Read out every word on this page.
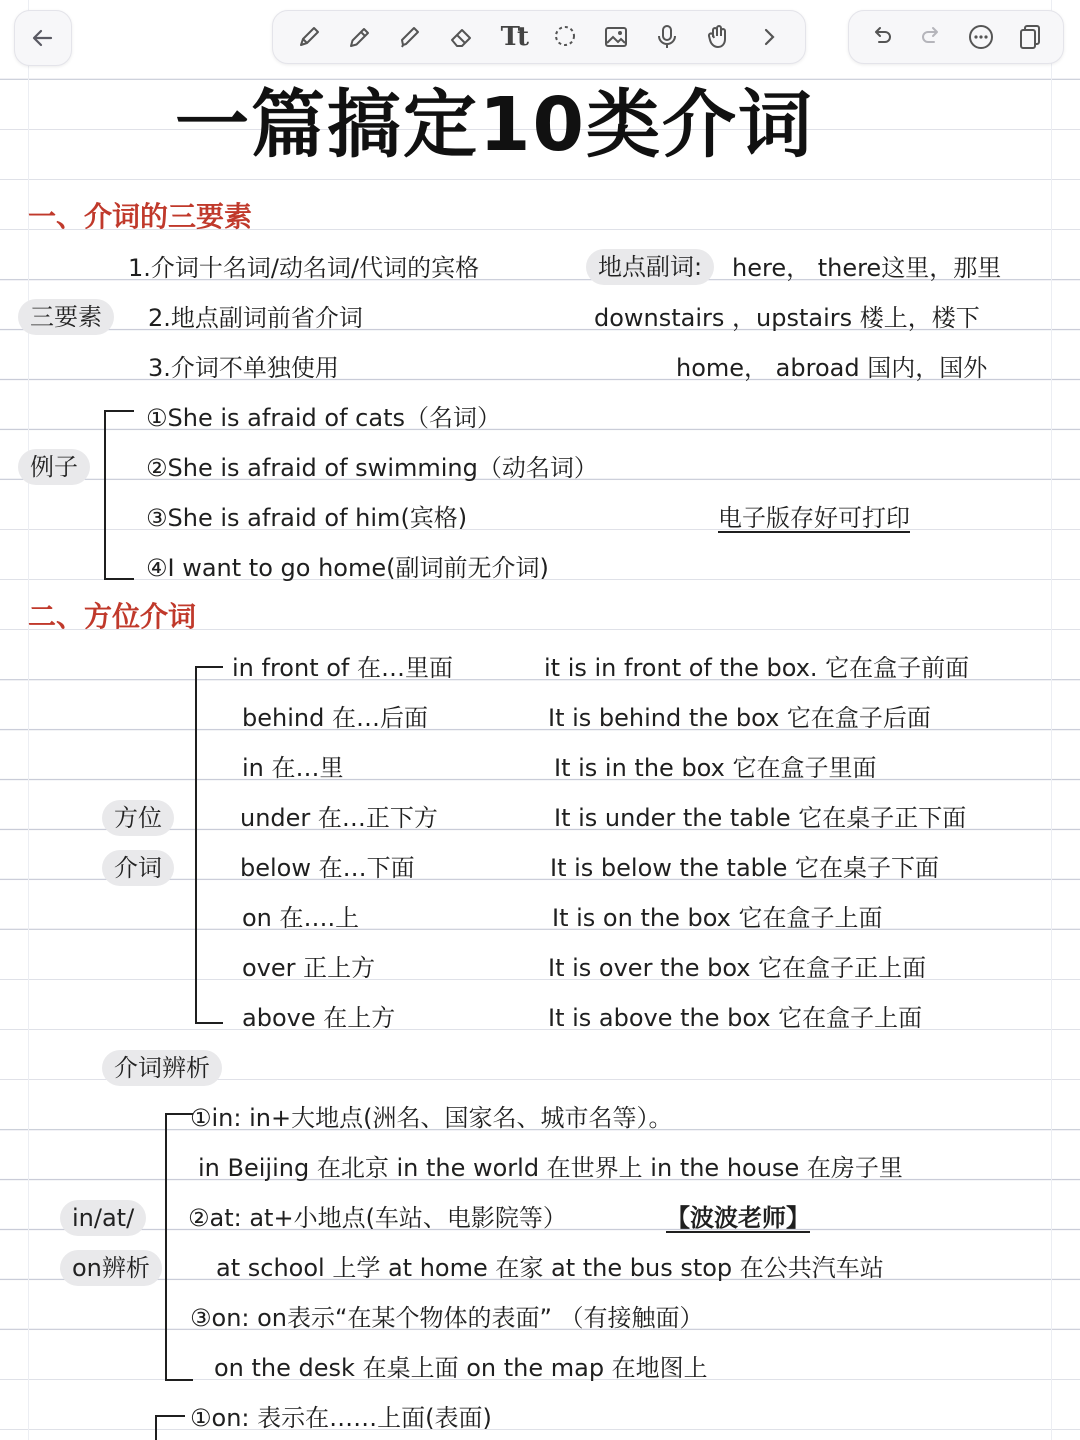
Tt
一篇搞定10类介词
一、介词的三要素
1.介词十名词/动名词/代词的宾格	地点副词:	here， there这里，那里
三要素	2.地点副词前省介词	downstairs ，upstairs 楼上，楼下
3.介词不单独使用	home， abroad 国内，国外
例子
①She is afraid of cats（名词）
②She is afraid of swimming（动名词）
③She is afraid of him(宾格)	电子版存好可打印
④I want to go home(副词前无介词)
二、方位介词
方位
介词
in front of 在…里面	it is in front of the box. 它在盒子前面
behind 在…后面	It is behind the box 它在盒子后面
in 在…里	It is in the box 它在盒子里面
under 在…正下方	It is under the table 它在桌子正下面
below 在…下面	It is below the table 它在桌子下面
on 在….上	It is on the box 它在盒子上面
over 正上方	It is over the box 它在盒子正上面
above 在上方	It is above the box 它在盒子上面
介词辨析
in/at/
on辨析
①in: in+大地点(洲名、国家名、城市名等）。
in Beijing 在北京 in the world 在世界上 in the house 在房子里
②at: at+小地点(车站、电影院等）	【波波老师】
at school 上学 at home 在家 at the bus stop 在公共汽车站
③on: on表示“在某个物体的表面” （有接触面）
on the desk 在桌上面 on the map 在地图上
①on: 表示在……上面(表面)
